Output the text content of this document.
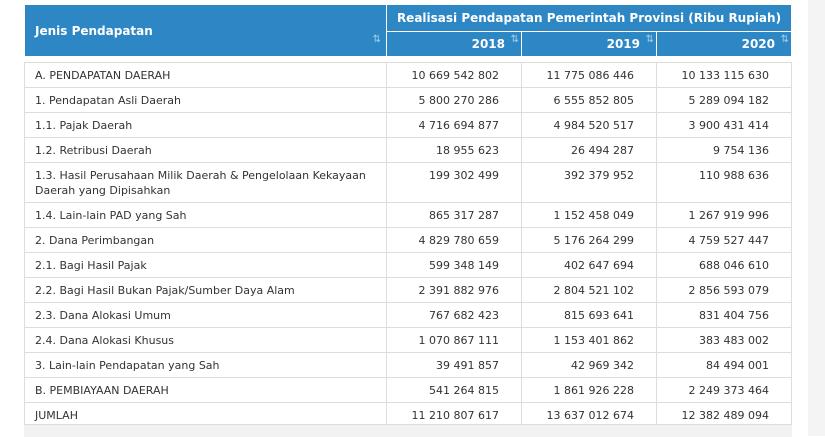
Jenis Pendapatan
⇅	Realisasi Pendapatan Pemerintah Provinsi (Ribu Rupiah)		
	2018 ⇅	2019 ⇅	2020 ⇅

A. PENDAPATAN DAERAH	10 669 542 802	11 775 086 446	10 133 115 630
1. Pendapatan Asli Daerah	5 800 270 286	6 555 852 805	5 289 094 182
1.1. Pajak Daerah	4 716 694 877	4 984 520 517	3 900 431 414
1.2. Retribusi Daerah	18 955 623	26 494 287	9 754 136
1.3. Hasil Perusahaan Milik Daerah & Pengelolaan Kekayaan Daerah yang Dipisahkan	199 302 499	392 379 952	110 988 636
1.4. Lain-lain PAD yang Sah	865 317 287	1 152 458 049	1 267 919 996
2. Dana Perimbangan	4 829 780 659	5 176 264 299	4 759 527 447
2.1. Bagi Hasil Pajak	599 348 149	402 647 694	688 046 610
2.2. Bagi Hasil Bukan Pajak/Sumber Daya Alam	2 391 882 976	2 804 521 102	2 856 593 079
2.3. Dana Alokasi Umum	767 682 423	815 693 641	831 404 756
2.4. Dana Alokasi Khusus	1 070 867 111	1 153 401 862	383 483 002
3. Lain-lain Pendapatan yang Sah	39 491 857	42 969 342	84 494 001
B. PEMBIAYAAN DAERAH	541 264 815	1 861 926 228	2 249 373 464
JUMLAH	11 210 807 617	13 637 012 674	12 382 489 094
